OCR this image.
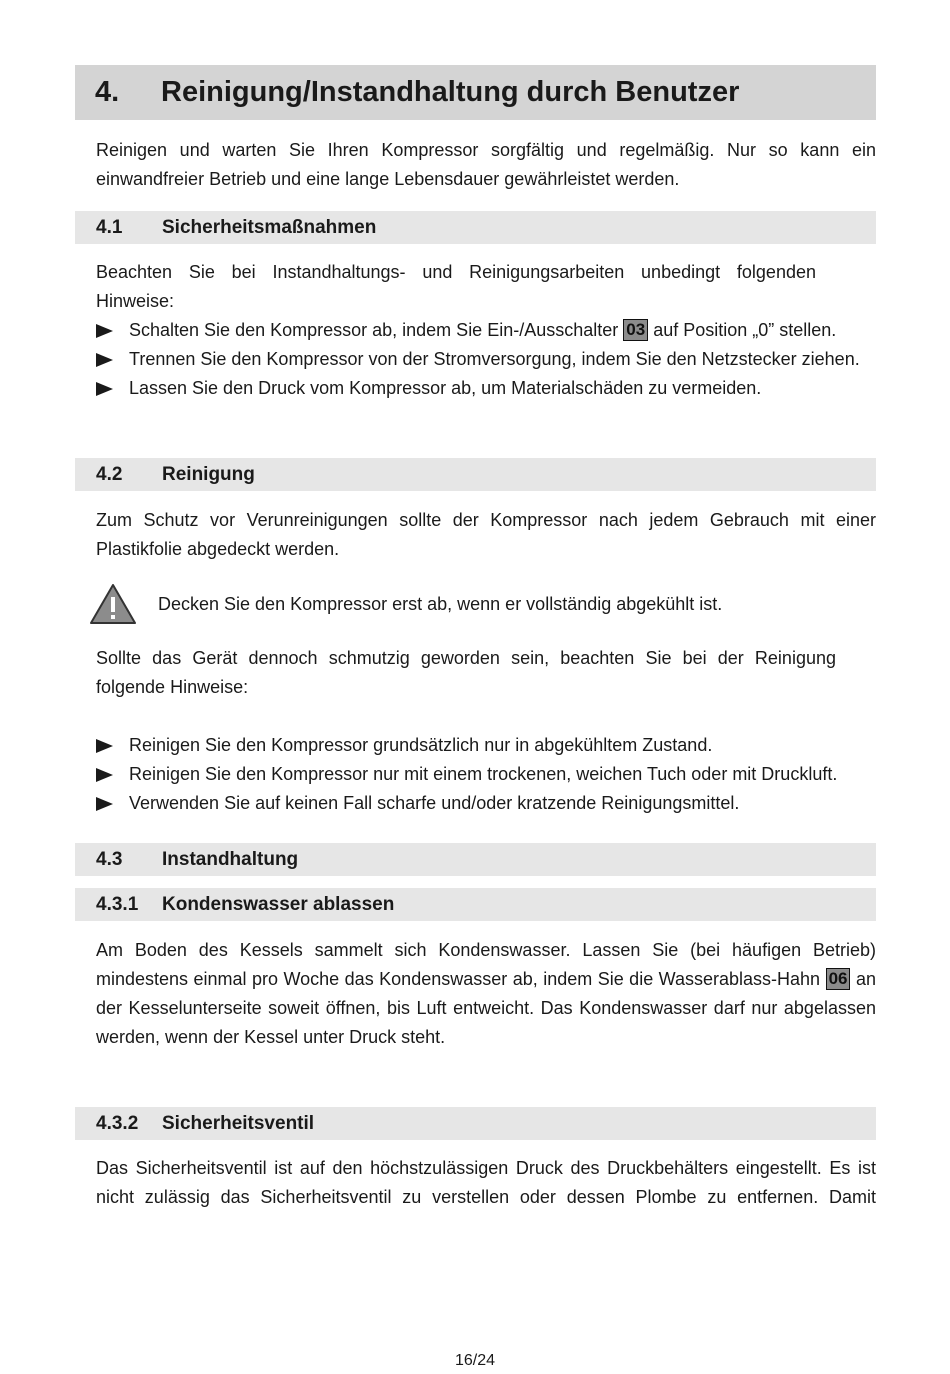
4.	Reinigung/Instandhaltung durch Benutzer
Reinigen und warten Sie Ihren Kompressor sorgfältig und regelmäßig. Nur so kann ein einwandfreier Betrieb und eine lange Lebensdauer gewährleistet werden.
4.1	Sicherheitsmaßnahmen
Beachten Sie bei Instandhaltungs- und Reinigungsarbeiten unbedingt folgenden Hinweise:
Schalten Sie den Kompressor ab, indem Sie Ein-/Ausschalter 03 auf Position „0” stellen.
Trennen Sie den Kompressor von der Stromversorgung, indem Sie den Netzstecker ziehen.
Lassen Sie den Druck vom Kompressor ab, um Materialschäden zu vermeiden.
4.2	Reinigung
Zum Schutz vor Verunreinigungen sollte der Kompressor nach jedem Gebrauch mit einer Plastikfolie abgedeckt werden.
Decken Sie den Kompressor erst ab, wenn er vollständig abgekühlt ist.
Sollte das Gerät dennoch schmutzig geworden sein, beachten Sie bei der Reinigung folgende Hinweise:
Reinigen Sie den Kompressor grundsätzlich nur in abgekühltem Zustand.
Reinigen Sie den Kompressor nur mit einem trockenen, weichen Tuch oder mit Druckluft.
Verwenden Sie auf keinen Fall scharfe und/oder kratzende Reinigungsmittel.
4.3	Instandhaltung
4.3.1	Kondenswasser ablassen
Am Boden des Kessels sammelt sich Kondenswasser. Lassen Sie (bei häufigen Betrieb) mindestens einmal pro Woche das Kondenswasser ab, indem Sie die Wasserablass-Hahn 06 an der Kesselunterseite soweit öffnen, bis Luft entweicht. Das Kondenswasser darf nur abgelassen werden, wenn der Kessel unter Druck steht.
4.3.2	Sicherheitsventil
Das Sicherheitsventil ist auf den höchstzulässigen Druck des Druckbehälters eingestellt. Es ist nicht zulässig das Sicherheitsventil zu verstellen oder dessen Plombe zu entfernen. Damit
16/24
